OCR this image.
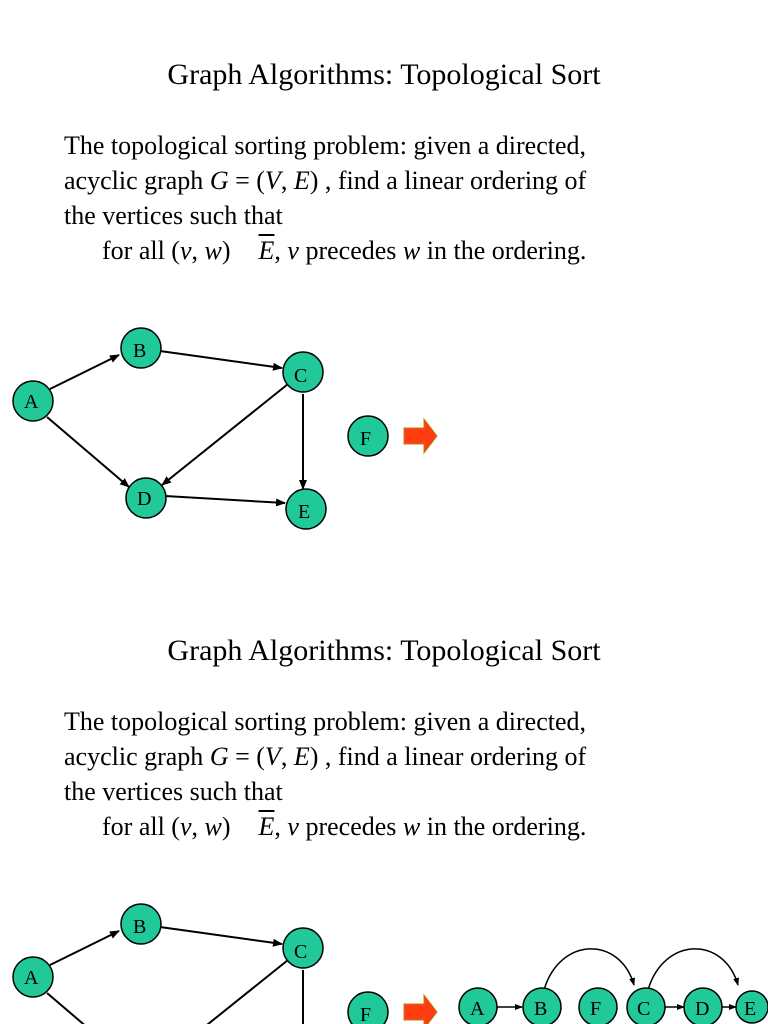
Graph Algorithms: Topological Sort

The topological sorting problem: given a directed,

acyclic graph G = (V, E) , find a linear ordering of

the vertices such that

for all (v, w) $\overline{E}$, v precedes w in the ordering.

A
B
C
D
E
F
Graph Algorithms: Topological Sort

The topological sorting problem: given a directed,

acyclic graph G = (V, E) , find a linear ordering of

the vertices such that

for all (v, w) $\overline{E}$, v precedes w in the ordering.

A
B
C
F	A B F C D E
